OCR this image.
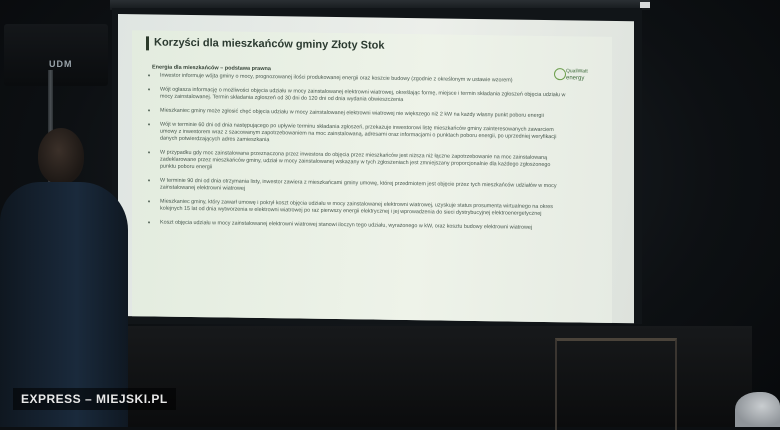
UDM
Korzyści dla mieszkańców gminy Złoty Stok
QualiWatt
energy
Energia dla mieszkańców – podstawa prawna
Inwestor informuje wójta gminy o mocy, prognozowanej ilości produkowanej energii oraz koszcie budowy (zgodnie z określonym w ustawie wzorem)
Wójt ogłasza informację o możliwości objęcia udziału w mocy zainstalowanej elektrowni wiatrowej, określając formę, miejsce i termin składania zgłoszeń objęcia udziału w mocy zainstalowanej. Termin składania zgłoszeń od 30 dni do 120 dni od dnia wydania obwieszczenia
Mieszkaniec gminy może zgłosić chęć objęcia udziału w mocy zainstalowanej elektrowni wiatrowej nie większego niż 2 kW na każdy własny punkt poboru energii
Wójt w terminie 60 dni od dnia następującego po upływie terminu składania zgłoszeń, przekazuje inwestorowi listę mieszkańców gminy zainteresowanych zawarciem umowy z inwestorem wraz z szacowanym zapotrzebowaniem na moc zainstalowaną, adresami oraz informacjami o punktach poboru energii, po uprzedniej weryfikacji danych potwierdzających adres zamieszkania
W przypadku gdy moc zainstalowana przeznaczona przez inwestora do objęcia przez mieszkańców jest niższa niż łączne zapotrzebowanie na moc zainstalowaną zadeklarowane przez mieszkańców gminy, udział w mocy zainstalowanej wskazany w tych zgłoszeniach jest zmniejszany proporcjonalnie dla każdego zgłoszonego punktu poboru energii
W terminie 90 dni od dnia otrzymania listy, inwestor zawiera z mieszkańcami gminy umowę, której przedmiotem jest objęcie przez tych mieszkańców udziałów w mocy zainstalowanej elektrowni wiatrowej
Mieszkaniec gminy, który zawarł umowę i pokrył koszt objęcia udziału w mocy zainstalowanej elektrowni wiatrowej, uzyskuje status prosumenta wirtualnego na okres kolejnych 15 lat od dnia wytworzenia w elektrowni wiatrowej po raz pierwszy energii elektrycznej i jej wprowadzenia do sieci dystrybucyjnej elektroenergetycznej
Koszt objęcia udziału w mocy zainstalowanej elektrowni wiatrowej stanowi iloczyn tego udziału, wyrażonego w kW, oraz kosztu budowy elektrowni wiatrowej
EXPRESS – MIEJSKI.PL
